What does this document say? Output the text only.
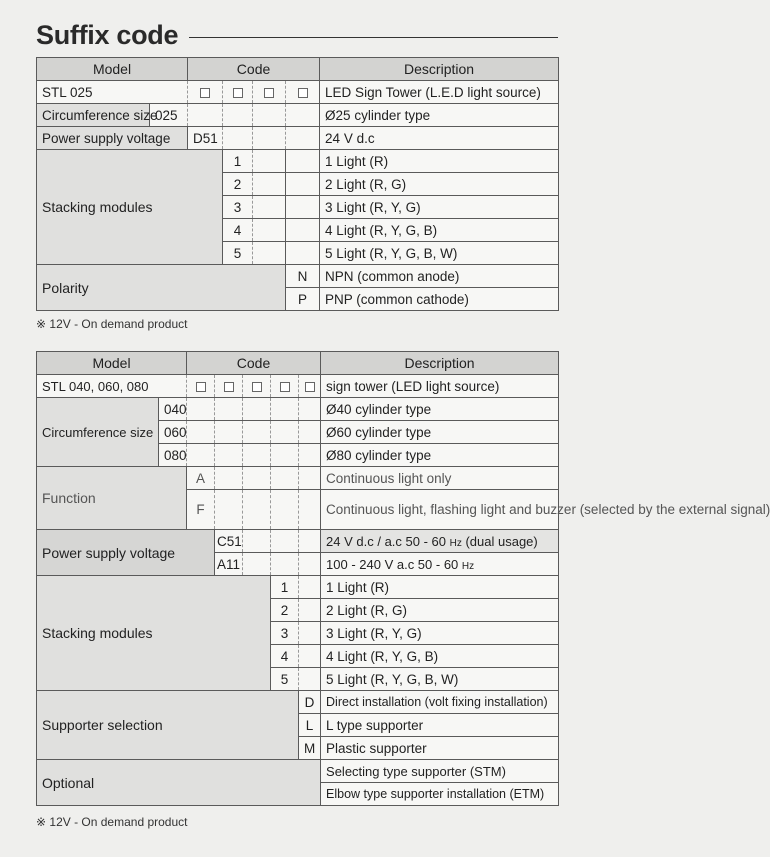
Suffix code
Model		Code				Description
STL 025						LED Sign Tower (L.E.D light source)
Circumference size	025					Ø25 cylinder type
Power supply voltage		D51				24 V d.c
Stacking modules			1			1 Light (R)
			2			2 Light (R, G)
			3			3 Light (R, Y, G)
			4			4 Light (R, Y, G, B)
			5			5 Light (R, Y, G, B, W)
Polarity					N	NPN (common anode)
					P	PNP (common cathode)
※ 12V - On demand product
Model		Code					Description
STL 040, 060, 080							sign tower (LED light source)
Circumference size	040						Ø40 cylinder type
	060						Ø60 cylinder type
	080						Ø80 cylinder type
Function		A					Continuous light only
		F					Continuous light, flashing light and buzzer (selected by the external signal)
Power supply voltage			C51				24 V d.c / a.c 50 - 60 Hz (dual usage)
			A11				100 - 240 V a.c 50 - 60 Hz
Stacking modules					1		1 Light (R)
					2		2 Light (R, G)
					3		3 Light (R, Y, G)
					4		4 Light (R, Y, G, B)
					5		5 Light (R, Y, G, B, W)
Supporter selection						D	Direct installation (volt fixing installation)
						L	L type supporter
						M	Plastic supporter
Optional							Selecting type supporter (STM)
							Elbow type supporter installation (ETM)
※ 12V - On demand product
